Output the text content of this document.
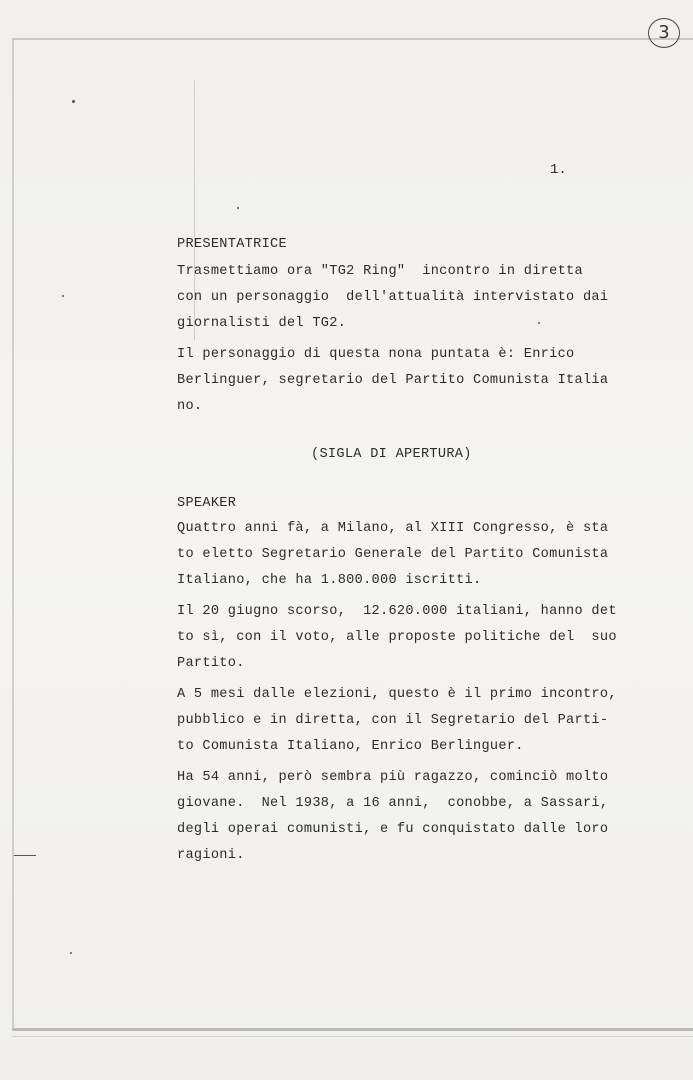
3
1.
PRESENTATRICE
Trasmettiamo ora "TG2 Ring"  incontro in diretta
con un personaggio  dell'attualità intervistato dai
giornalisti del TG2.
Il personaggio di questa nona puntata è: Enrico
Berlinguer, segretario del Partito Comunista Italia
no.
(SIGLA DI APERTURA)
SPEAKER
Quattro anni fà, a Milano, al XIII Congresso, è sta
to eletto Segretario Generale del Partito Comunista
Italiano, che ha 1.800.000 iscritti.
Il 20 giugno scorso,  12.620.000 italiani, hanno det
to sì, con il voto, alle proposte politiche del  suo
Partito.
A 5 mesi dalle elezioni, questo è il primo incontro,
pubblico e in diretta, con il Segretario del Parti-
to Comunista Italiano, Enrico Berlinguer.
Ha 54 anni, però sembra più ragazzo, cominciò molto
giovane.  Nel 1938, a 16 anni,  conobbe, a Sassari,
degli operai comunisti, e fu conquistato dalle loro
ragioni.
